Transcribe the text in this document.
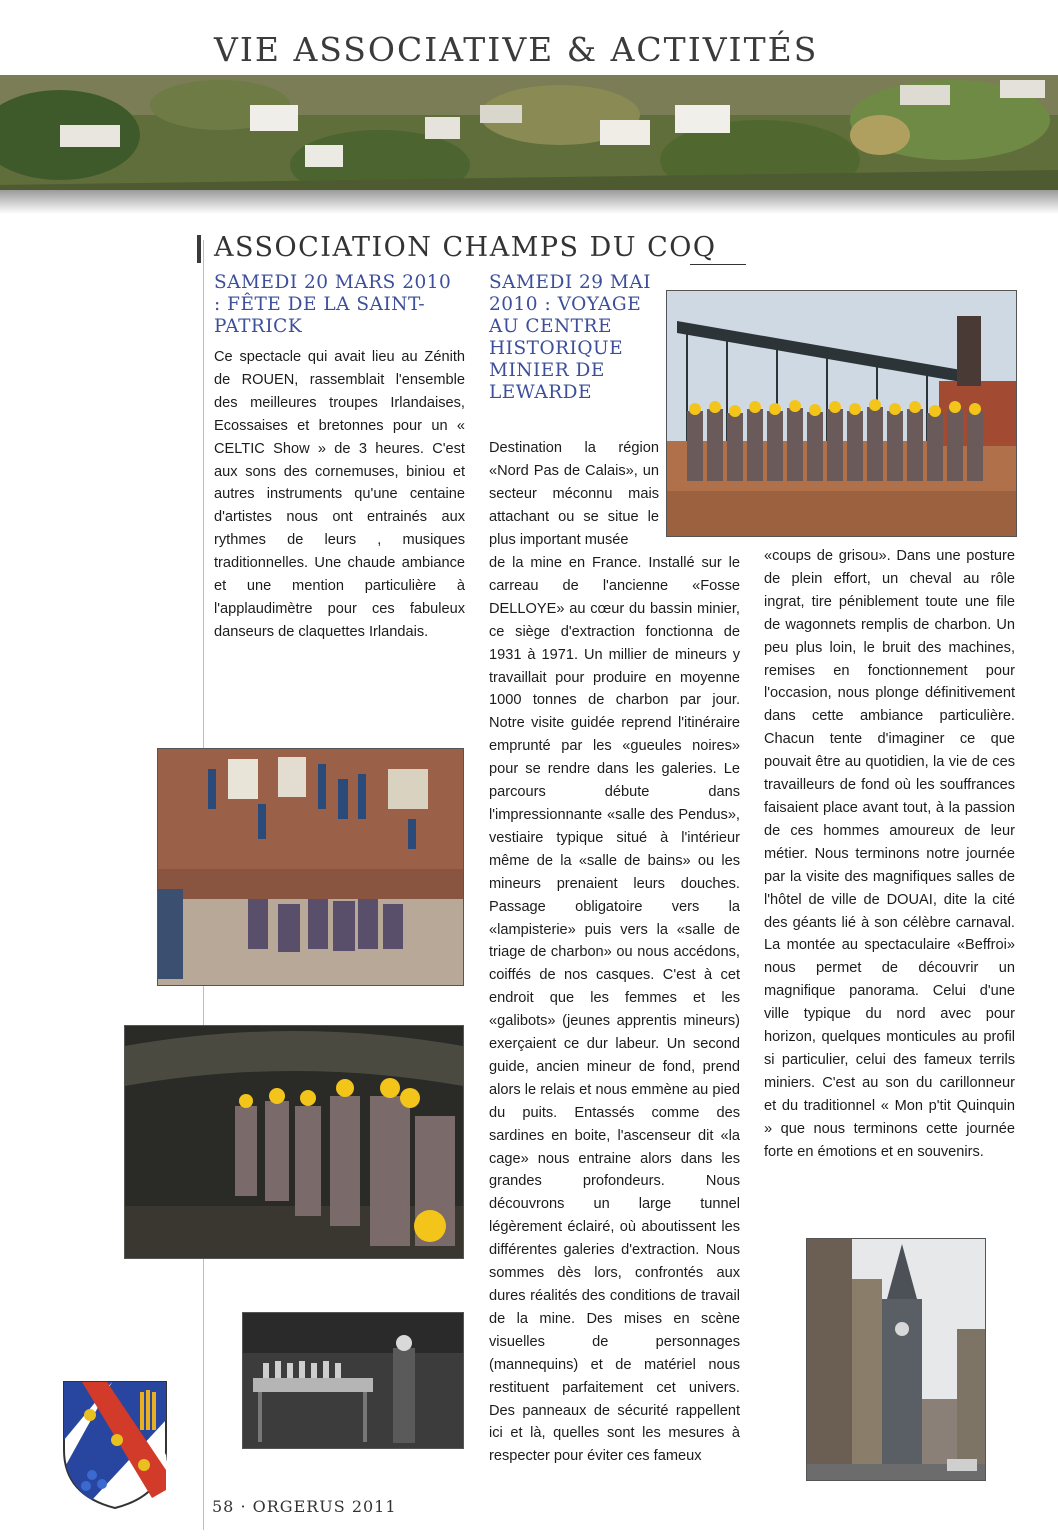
VIE ASSOCIATIVE & ACTIVITÉS
ASSOCIATION CHAMPS DU COQ
SAMEDI 20 MARS 2010 : FÊTE DE LA SAINT-PATRICK

Ce spectacle qui avait lieu au Zénith de ROUEN, rassemblait l'ensemble des meilleures troupes Irlandaises, Ecossaises et bretonnes pour un « CELTIC Show » de 3 heures. C'est aux sons des cornemuses, biniou et autres instruments qu'une centaine d'artistes nous ont entrainés aux rythmes de leurs , musiques traditionnelles. Une chaude ambiance et une mention particulière à l'applaudimètre pour ces fabuleux danseurs de claquettes Irlandais.

SAMEDI 29 MAI 2010 : VOYAGE AU CENTRE HISTORIQUE MINIER DE LEWARDE

Destination la région «Nord Pas de Calais», un secteur méconnu mais attachant ou se situe le plus important musée

de la mine en France. Installé sur le carreau de l'ancienne «Fosse DELLOYE» au cœur du bassin minier, ce siège d'extraction fonctionna de 1931 à 1971. Un millier de mineurs y travaillait pour produire en moyenne 1000 tonnes de charbon par jour. Notre visite guidée reprend l'itinéraire emprunté par les «gueules noires» pour se rendre dans les galeries. Le parcours débute dans l'impressionnante «salle des Pendus», vestiaire typique situé à l'intérieur même de la «salle de bains» ou les mineurs prenaient leurs douches. Passage obligatoire vers la «lampisterie» puis vers la «salle de triage de charbon» ou nous accédons, coiffés de nos casques. C'est à cet endroit que les femmes et les «galibots» (jeunes apprentis mineurs) exerçaient ce dur labeur. Un second guide, ancien mineur de fond, prend alors le relais et nous emmène au pied du puits. Entassés comme des sardines en boite, l'ascenseur dit «la cage» nous entraine alors dans les grandes profondeurs. Nous découvrons un large tunnel légèrement éclairé, où aboutissent les différentes galeries d'extraction. Nous sommes dès lors, confrontés aux dures réalités des conditions de travail de la mine. Des mises en scène visuelles de personnages (mannequins) et de matériel nous restituent parfaitement cet univers. Des panneaux de sécurité rappellent ici et là, quelles sont les mesures à respecter pour éviter ces fameux

«coups de grisou». Dans une posture de plein effort, un cheval au rôle ingrat, tire péniblement toute une file de wagonnets remplis de charbon. Un peu plus loin, le bruit des machines, remises en fonctionnement pour l'occasion, nous plonge définitivement dans cette ambiance particulière. Chacun tente d'imaginer ce que pouvait être au quotidien, la vie de ces travailleurs de fond où les souffrances faisaient place avant tout, à la passion de ces hommes amoureux de leur métier. Nous terminons notre journée par la visite des magnifiques salles de l'hôtel de ville de DOUAI, dite la cité des géants lié à son célèbre carnaval. La montée au spectaculaire «Beffroi» nous permet de découvrir un magnifique panorama. Celui d'une ville typique du nord avec pour horizon, quelques monticules au profil si particulier, celui des fameux terrils miniers. C'est au son du carillonneur et du traditionnel « Mon p'tit Quinquin » que nous terminons cette journée forte en émotions et en souvenirs.

58 · ORGERUS 2011
